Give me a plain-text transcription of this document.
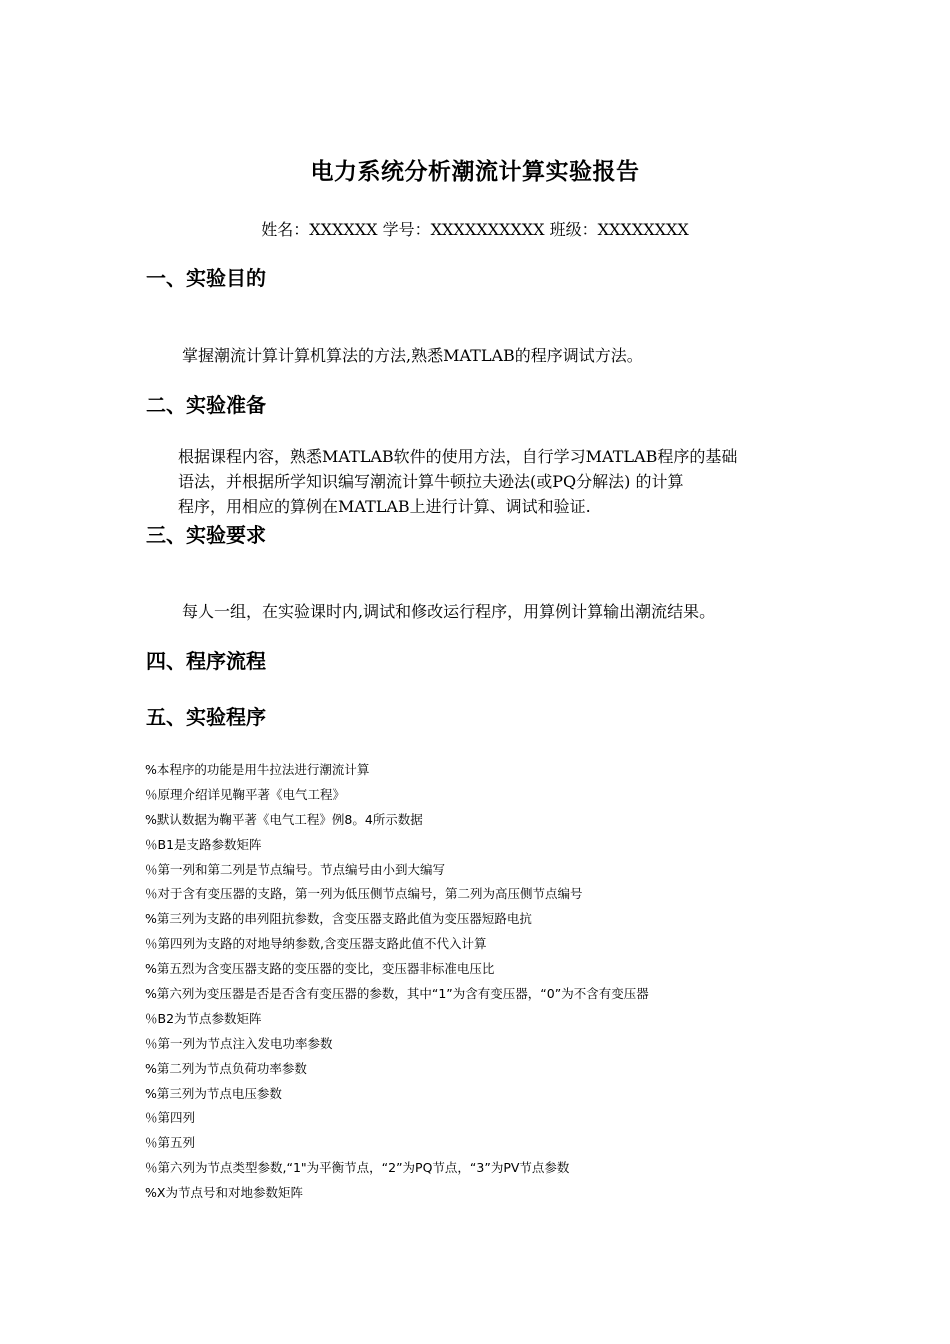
电力系统分析潮流计算实验报告
姓名：XXXXXX 学号：XXXXXXXXXX 班级：XXXXXXXX
一、实验目的
掌握潮流计算计算机算法的方法,熟悉MATLAB的程序调试方法。
二、实验准备
根据课程内容，熟悉MATLAB软件的使用方法，自行学习MATLAB程序的基础
语法，并根据所学知识编写潮流计算牛顿拉夫逊法(或PQ分解法) 的计算
程序，用相应的算例在MATLAB上进行计算、调试和验证.
三、实验要求
每人一组，在实验课时内,调试和修改运行程序，用算例计算输出潮流结果。
四、程序流程
五、实验程序
%本程序的功能是用牛拉法进行潮流计算
％原理介绍详见鞠平著《电气工程》
%默认数据为鞠平著《电气工程》例8。4所示数据
％B1是支路参数矩阵
％第一列和第二列是节点编号。节点编号由小到大编写
％对于含有变压器的支路，第一列为低压侧节点编号，第二列为高压侧节点编号
%第三列为支路的串列阻抗参数，含变压器支路此值为变压器短路电抗
％第四列为支路的对地导纳参数,含变压器支路此值不代入计算
%第五烈为含变压器支路的变压器的变比，变压器非标准电压比
%第六列为变压器是否是否含有变压器的参数，其中“1”为含有变压器，“0”为不含有变压器
％B2为节点参数矩阵
％第一列为节点注入发电功率参数
%第二列为节点负荷功率参数
%第三列为节点电压参数
％第四列
％第五列
％第六列为节点类型参数,“1"为平衡节点，“2”为PQ节点，“3”为PV节点参数
%X为节点号和对地参数矩阵
